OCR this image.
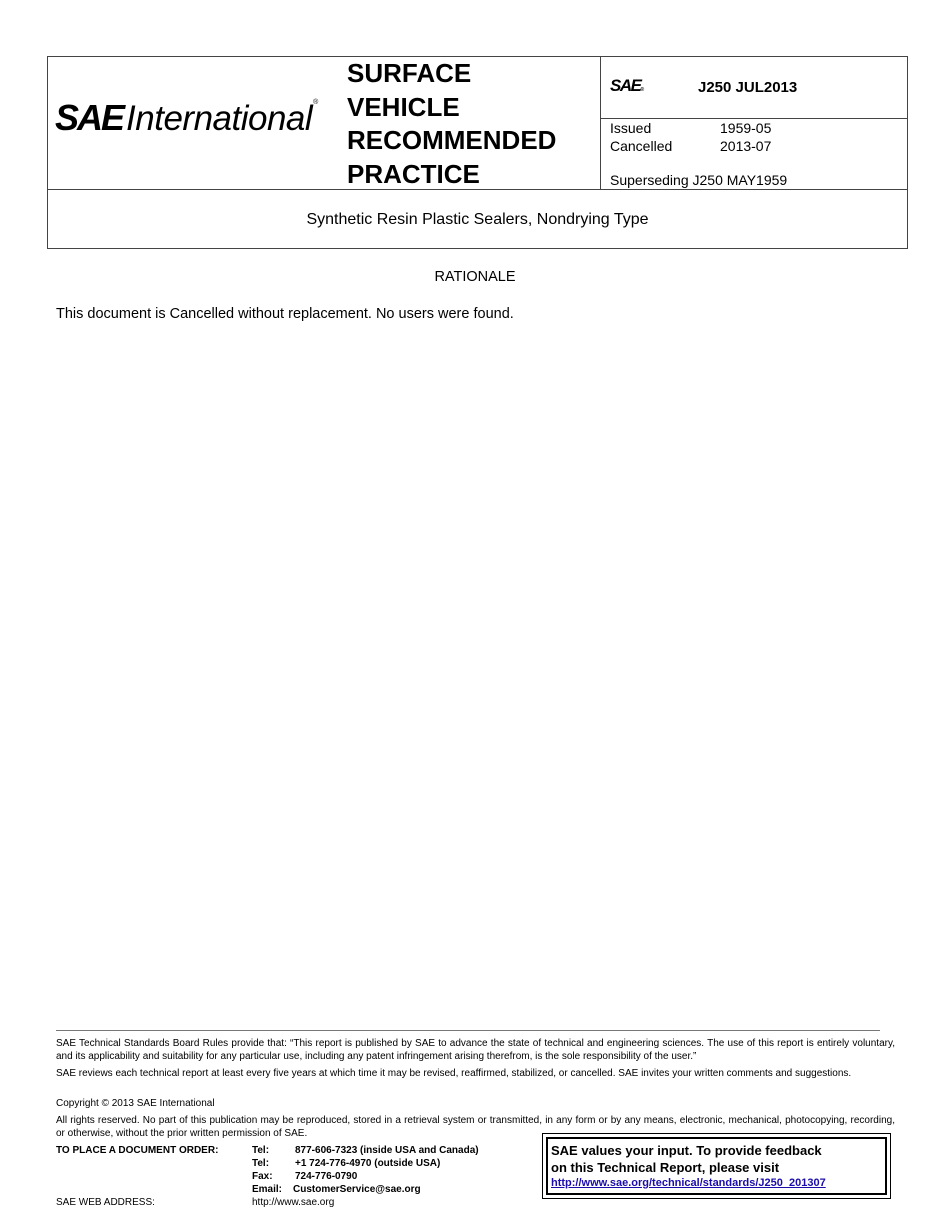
SAE International ®
SURFACE
VEHICLE
RECOMMENDED
PRACTICE
SAE®	J250 JUL2013
Issued	1959-05
Cancelled	2013-07
Superseding J250 MAY1959
Synthetic Resin Plastic Sealers, Nondrying Type
RATIONALE
This document is Cancelled without replacement. No users were found.
SAE Technical Standards Board Rules provide that: “This report is published by SAE to advance the state of technical and engineering sciences. The use of this report is entirely voluntary, and its applicability and suitability for any particular use, including any patent infringement arising therefrom, is the sole responsibility of the user.”
SAE reviews each technical report at least every five years at which time it may be revised, reaffirmed, stabilized, or cancelled. SAE invites your written comments and suggestions.
Copyright © 2013 SAE International
All rights reserved. No part of this publication may be reproduced, stored in a retrieval system or transmitted, in any form or by any means, electronic, mechanical, photocopying, recording, or otherwise, without the prior written permission of SAE.
TO PLACE A DOCUMENT ORDER:	Tel:	877-606-7323 (inside USA and Canada)
Tel:	+1 724-776-4970 (outside USA)
Fax: 724-776-0790
Email: CustomerService@sae.org
SAE WEB ADDRESS:	http://www.sae.org
SAE values your input. To provide feedback
on this Technical Report, please visit
http://www.sae.org/technical/standards/J250_201307
